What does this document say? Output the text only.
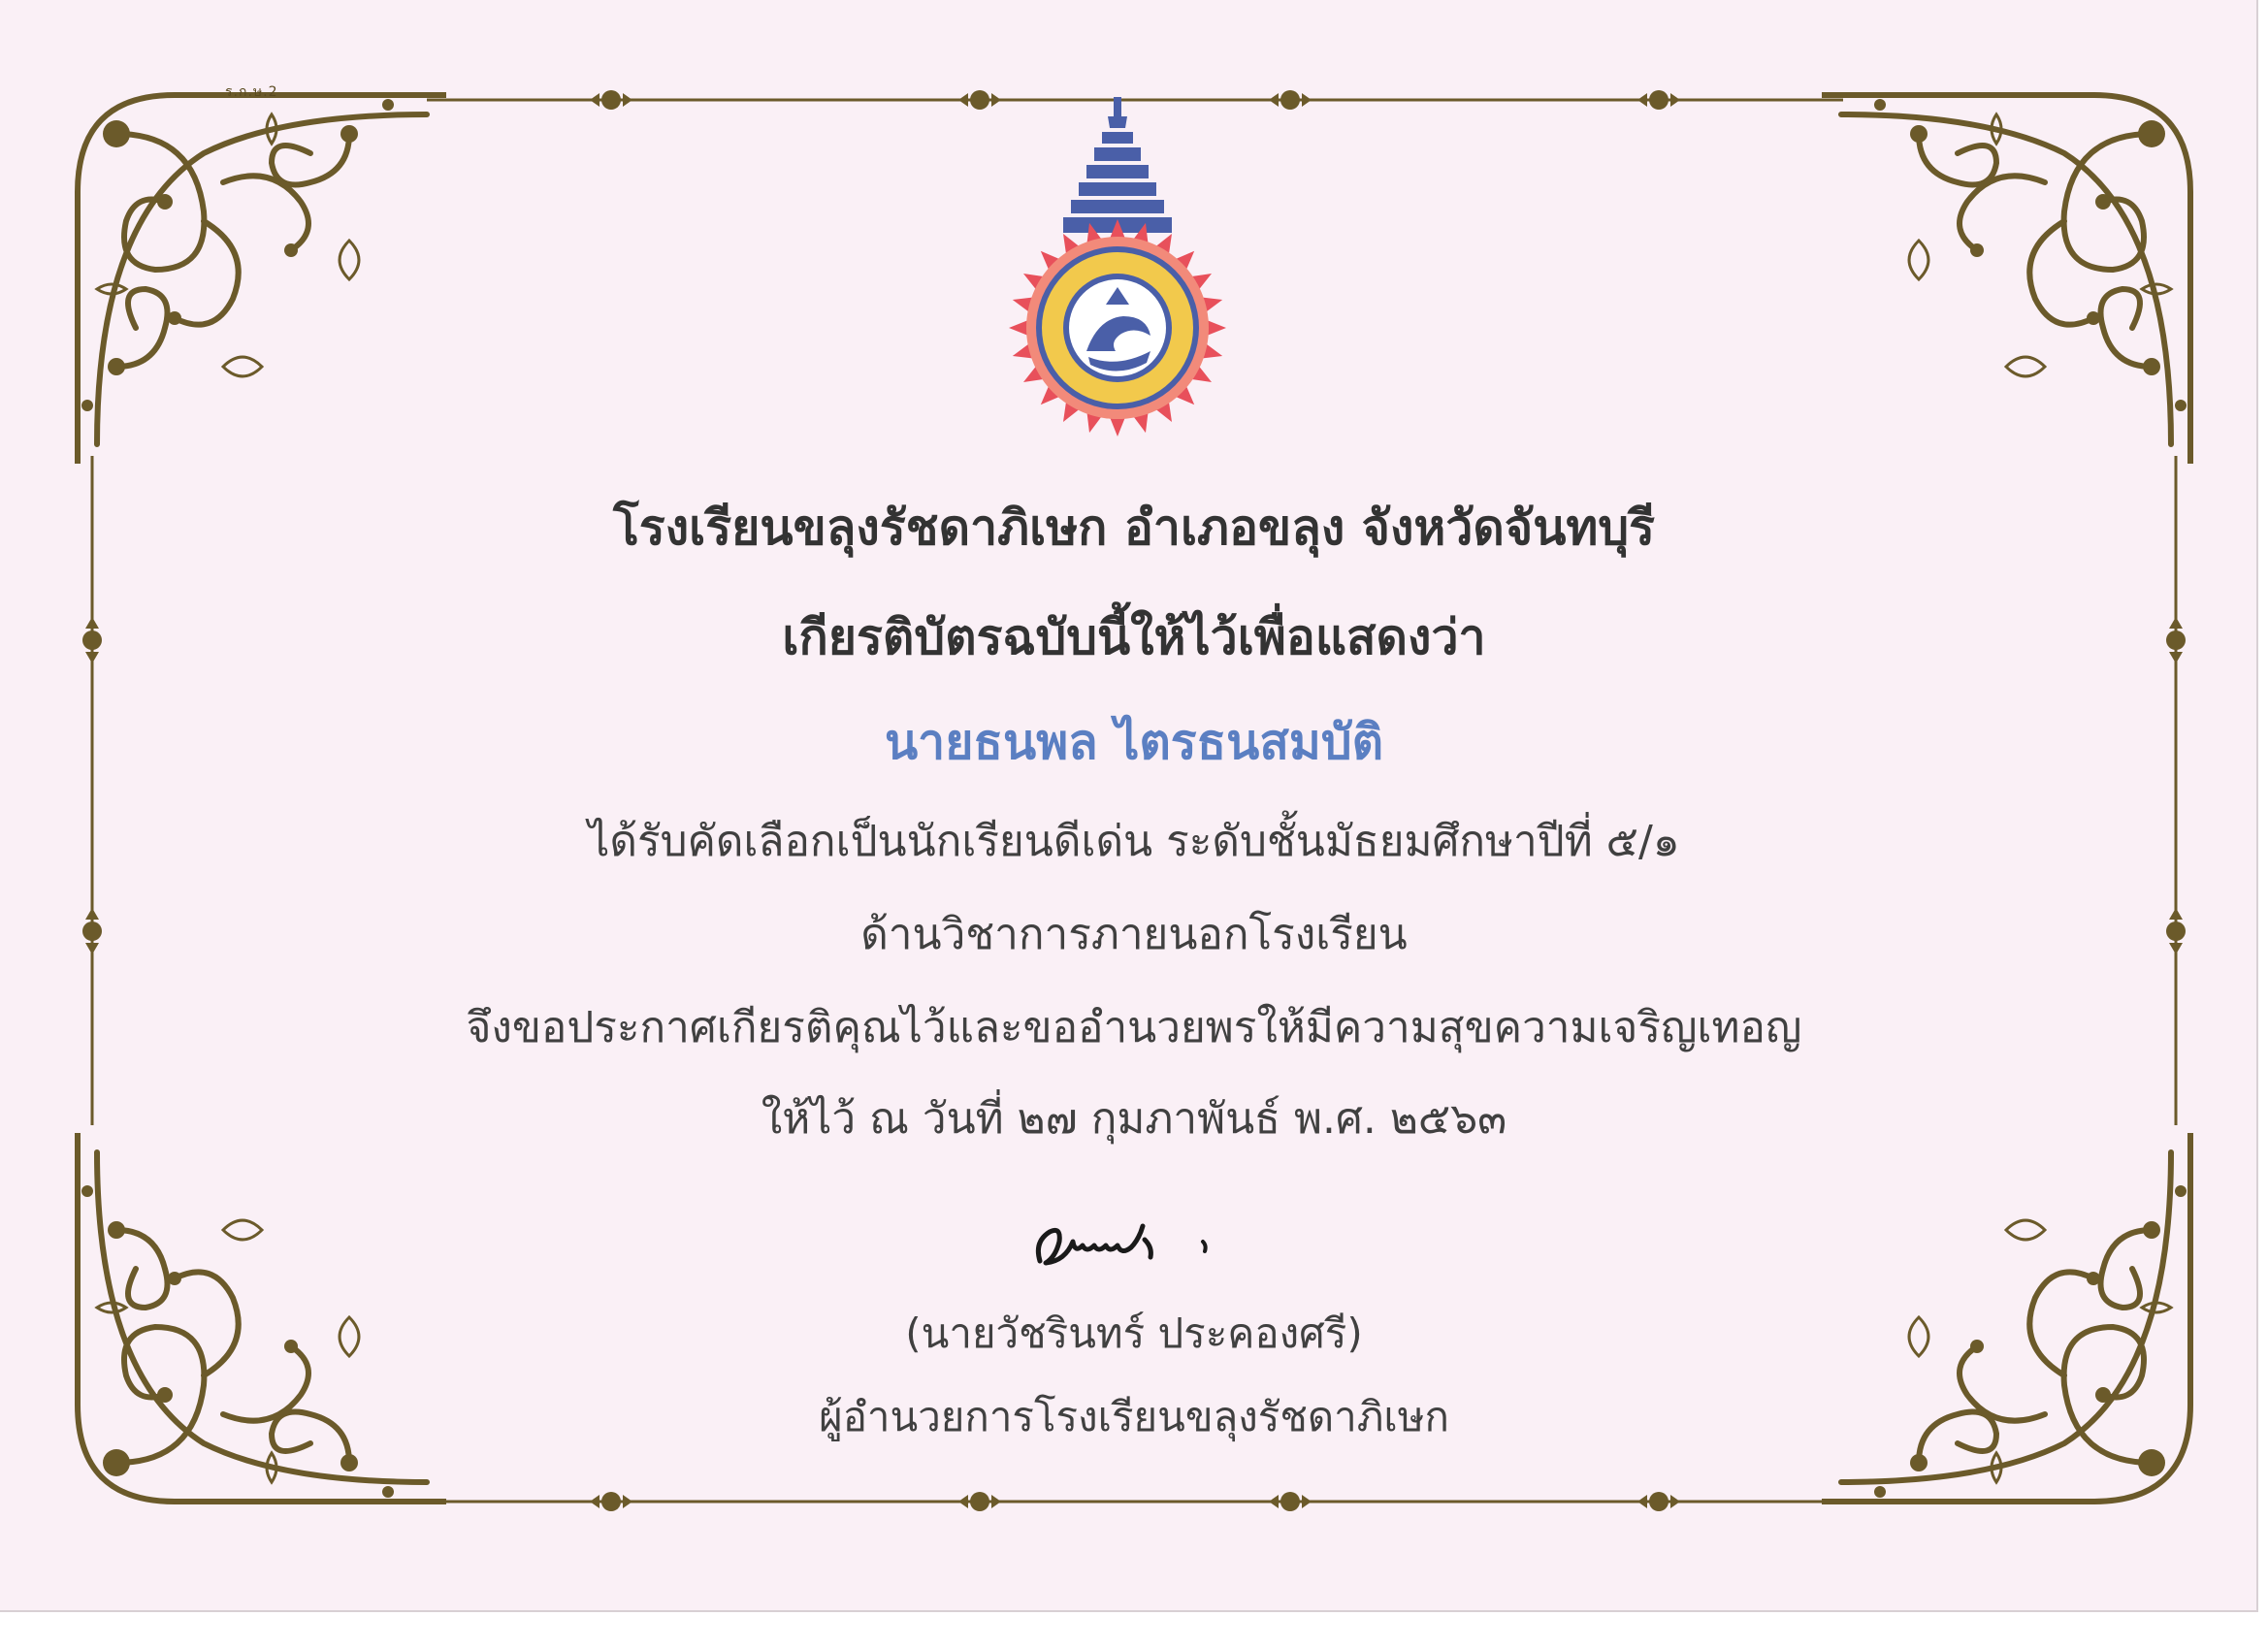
ร.ก.ษ.2
โรงเรียนขลุงรัชดาภิเษก อำเภอขลุง จังหวัดจันทบุรี
เกียรติบัตรฉบับนี้ให้ไว้เพื่อแสดงว่า
นายธนพล ไตรธนสมบัติ
ได้รับคัดเลือกเป็นนักเรียนดีเด่น ระดับชั้นมัธยมศึกษาปีที่ ๕/๑
ด้านวิชาการภายนอกโรงเรียน
จึงขอประกาศเกียรติคุณไว้และขออำนวยพรให้มีความสุขความเจริญเทอญ
ให้ไว้ ณ วันที่ ๒๗ กุมภาพันธ์ พ.ศ. ๒๕๖๓
(นายวัชรินทร์ ประคองศรี)
ผู้อำนวยการโรงเรียนขลุงรัชดาภิเษก
